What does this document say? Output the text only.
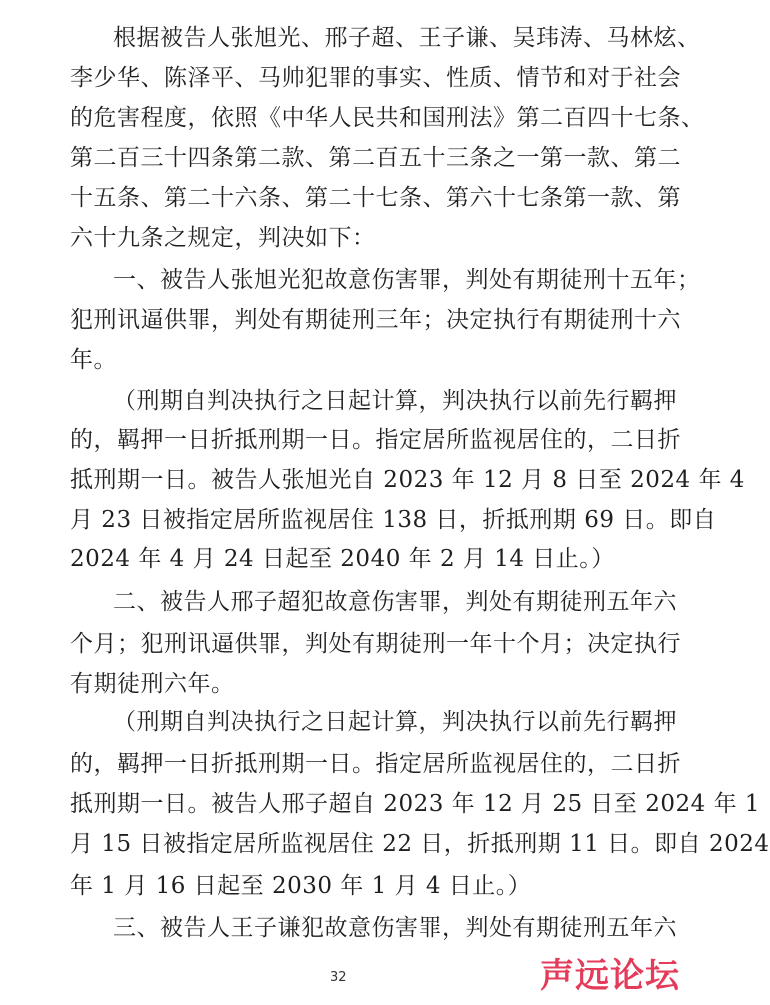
根据被告人张旭光、邢子超、王子谦、吴玮涛、马林炫、
李少华、陈泽平、马帅犯罪的事实、性质、情节和对于社会
的危害程度，依照《中华人民共和国刑法》第二百四十七条、
第二百三十四条第二款、第二百五十三条之一第一款、第二
十五条、第二十六条、第二十七条、第六十七条第一款、第
六十九条之规定，判决如下：
一、被告人张旭光犯故意伤害罪，判处有期徒刑十五年；
犯刑讯逼供罪，判处有期徒刑三年；决定执行有期徒刑十六
年。
（刑期自判决执行之日起计算，判决执行以前先行羁押
的，羁押一日折抵刑期一日。指定居所监视居住的，二日折
抵刑期一日。被告人张旭光自 2023 年 12 月 8 日至 2024 年 4
月 23 日被指定居所监视居住 138 日，折抵刑期 69 日。即自
2024 年 4 月 24 日起至 2040 年 2 月 14 日止。）
二、被告人邢子超犯故意伤害罪，判处有期徒刑五年六
个月；犯刑讯逼供罪，判处有期徒刑一年十个月；决定执行
有期徒刑六年。
（刑期自判决执行之日起计算，判决执行以前先行羁押
的，羁押一日折抵刑期一日。指定居所监视居住的，二日折
抵刑期一日。被告人邢子超自 2023 年 12 月 25 日至 2024 年 1
月 15 日被指定居所监视居住 22 日，折抵刑期 11 日。即自 2024
年 1 月 16 日起至 2030 年 1 月 4 日止。）
三、被告人王子谦犯故意伤害罪，判处有期徒刑五年六
32	声远论坛
